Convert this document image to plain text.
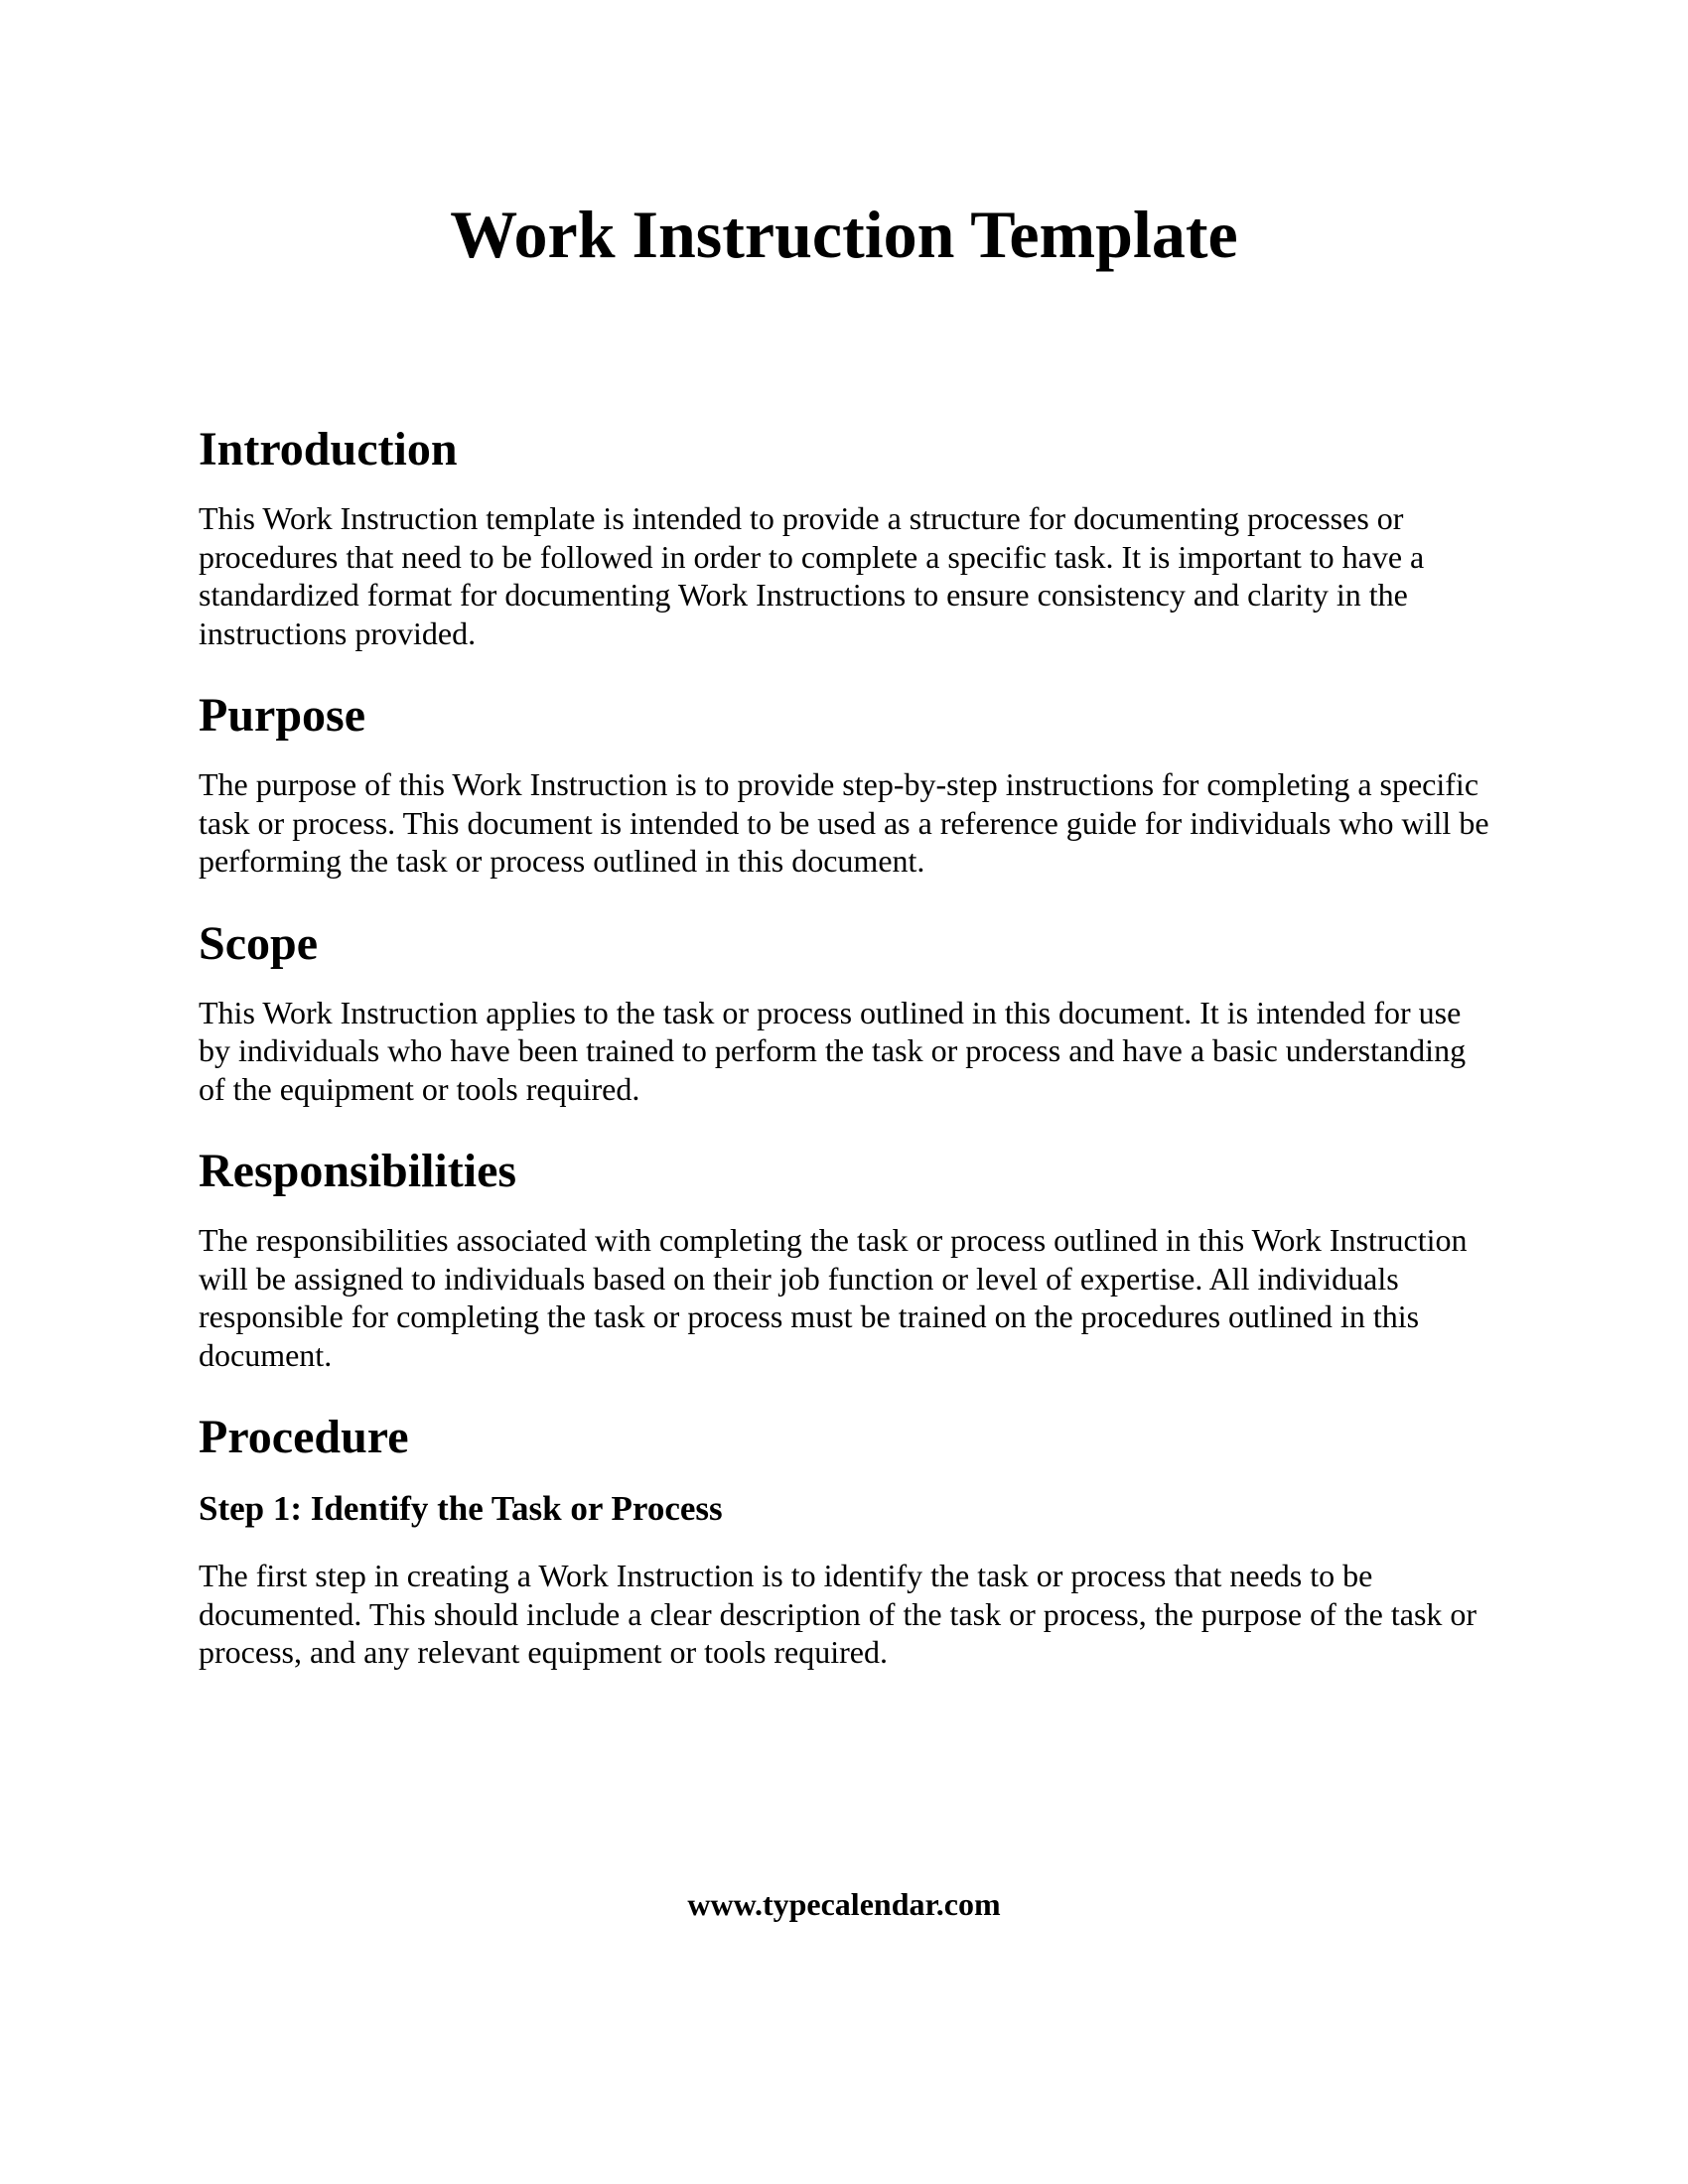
Work Instruction Template
Introduction

This Work Instruction template is intended to provide a structure for documenting processes or procedures that need to be followed in order to complete a specific task. It is important to have a standardized format for documenting Work Instructions to ensure consistency and clarity in the instructions provided.

Purpose

The purpose of this Work Instruction is to provide step-by-step instructions for completing a specific task or process. This document is intended to be used as a reference guide for individuals who will be performing the task or process outlined in this document.

Scope

This Work Instruction applies to the task or process outlined in this document. It is intended for use by individuals who have been trained to perform the task or process and have a basic understanding of the equipment or tools required.

Responsibilities

The responsibilities associated with completing the task or process outlined in this Work Instruction will be assigned to individuals based on their job function or level of expertise. All individuals responsible for completing the task or process must be trained on the procedures outlined in this document.

Procedure
Step 1: Identify the Task or Process

The first step in creating a Work Instruction is to identify the task or process that needs to be documented. This should include a clear description of the task or process, the purpose of the task or process, and any relevant equipment or tools required.

www.typecalendar.com
